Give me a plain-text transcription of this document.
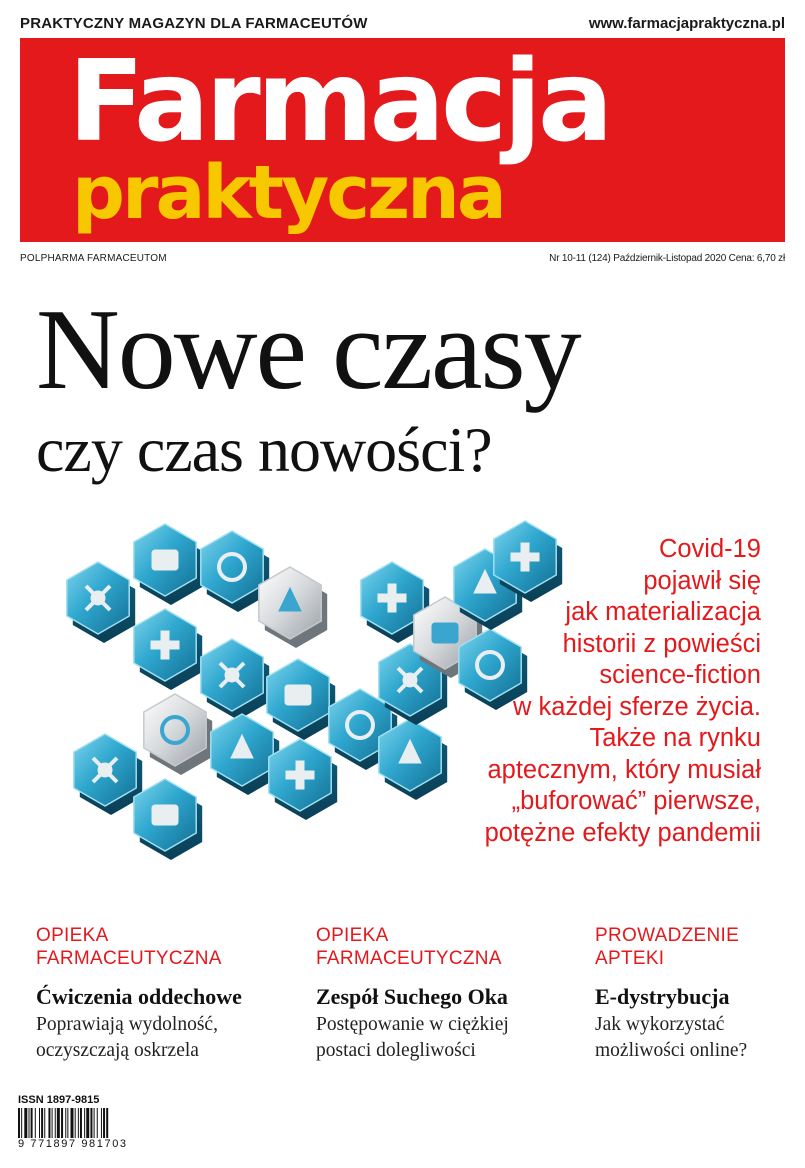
PRAKTYCZNY MAGAZYN DLA FARMACEUTÓW	www.farmacjapraktyczna.pl
Farmacja
praktyczna
POLPHARMA FARMACEUTOM	Nr 10-11 (124) Październik-Listopad 2020 Cena: 6,70 zł
Nowe czasy
czy czas nowości?
Covid-19
pojawił się
jak materializacja
historii z powieści
science-fiction
w każdej sferze życia.
Także na rynku
aptecznym, który musiał
„buforować” pierwsze,
potężne efekty pandemii
OPIEKA
FARMACEUTYCZNA
Ćwiczenia oddechowe
Poprawiają wydolność,
oczyszczają oskrzela
OPIEKA
FARMACEUTYCZNA
Zespół Suchego Oka
Postępowanie w ciężkiej
postaci dolegliwości
PROWADZENIE
APTEKI
E-dystrybucja
Jak wykorzystać
możliwości online?
ISSN 1897-9815
9 771897 981703
